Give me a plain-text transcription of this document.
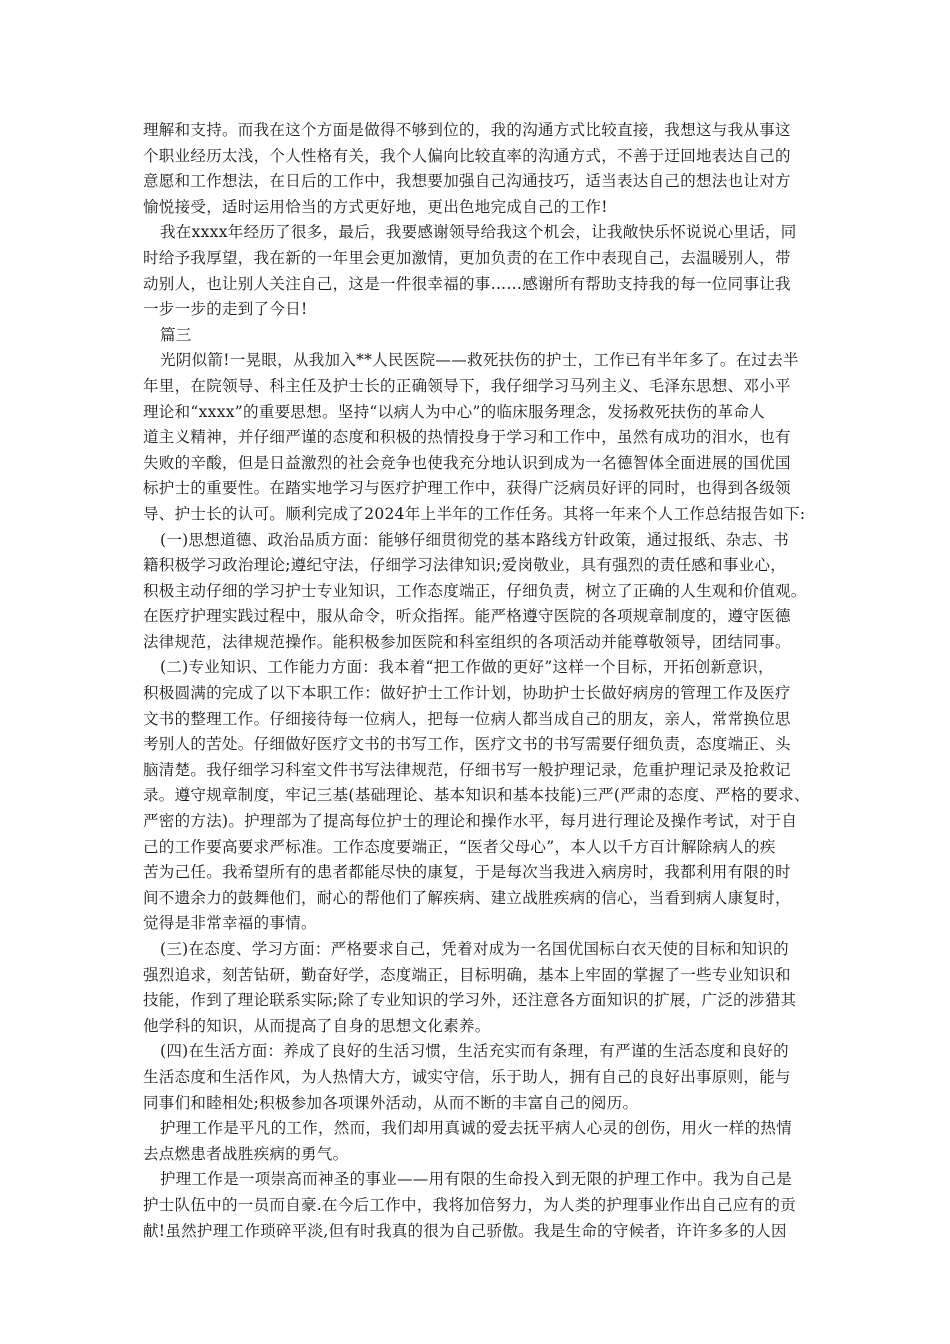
理解和支持。而我在这个方面是做得不够到位的，我的沟通方式比较直接，我想这与我从事这
个职业经历太浅，个人性格有关，我个人偏向比较直率的沟通方式，不善于迂回地表达自己的
意愿和工作想法，在日后的工作中，我想要加强自己沟通技巧，适当表达自己的想法也让对方
愉悦接受，适时运用恰当的方式更好地，更出色地完成自己的工作!
我在xxxx年经历了很多，最后，我要感谢领导给我这个机会，让我敞快乐怀说说心里话，同
时给予我厚望，我在新的一年里会更加激情，更加负责的在工作中表现自己，去温暖别人，带
动别人，也让别人关注自己，这是一件很幸福的事……感谢所有帮助支持我的每一位同事让我
一步一步的走到了今日!
篇三
光阴似箭!一晃眼，从我加入**人民医院——救死扶伤的护士，工作已有半年多了。在过去半
年里，在院领导、科主任及护士长的正确领导下，我仔细学习马列主义、毛泽东思想、邓小平
理论和“xxxx”的重要思想。坚持“以病人为中心”的临床服务理念，发扬救死扶伤的革命人
道主义精神，并仔细严谨的态度和积极的热情投身于学习和工作中，虽然有成功的泪水，也有
失败的辛酸，但是日益激烈的社会竞争也使我充分地认识到成为一名德智体全面进展的国优国
标护士的重要性。在踏实地学习与医疗护理工作中，获得广泛病员好评的同时，也得到各级领
导、护士长的认可。顺利完成了2024年上半年的工作任务。其将一年来个人工作总结报告如下:
(一)思想道德、政治品质方面：能够仔细贯彻党的基本路线方针政策，通过报纸、杂志、书
籍积极学习政治理论;遵纪守法，仔细学习法律知识;爱岗敬业，具有强烈的责任感和事业心，
积极主动仔细的学习护士专业知识，工作态度端正，仔细负责，树立了正确的人生观和价值观。
在医疗护理实践过程中，服从命令，听众指挥。能严格遵守医院的各项规章制度的，遵守医德
法律规范，法律规范操作。能积极参加医院和科室组织的各项活动并能尊敬领导，团结同事。
(二)专业知识、工作能力方面：我本着“把工作做的更好”这样一个目标，开拓创新意识，
积极圆满的完成了以下本职工作：做好护士工作计划，协助护士长做好病房的管理工作及医疗
文书的整理工作。仔细接待每一位病人，把每一位病人都当成自己的朋友，亲人，常常换位思
考别人的苦处。仔细做好医疗文书的书写工作，医疗文书的书写需要仔细负责，态度端正、头
脑清楚。我仔细学习科室文件书写法律规范，仔细书写一般护理记录，危重护理记录及抢救记
录。遵守规章制度，牢记三基(基础理论、基本知识和基本技能)三严(严肃的态度、严格的要求、
严密的方法)。护理部为了提高每位护士的理论和操作水平，每月进行理论及操作考试，对于自
己的工作要高要求严标准。工作态度要端正，“医者父母心”，本人以千方百计解除病人的疾
苦为己任。我希望所有的患者都能尽快的康复，于是每次当我进入病房时，我都利用有限的时
间不遗余力的鼓舞他们，耐心的帮他们了解疾病、建立战胜疾病的信心，当看到病人康复时，
觉得是非常幸福的事情。
(三)在态度、学习方面：严格要求自己，凭着对成为一名国优国标白衣天使的目标和知识的
强烈追求，刻苦钻研，勤奋好学，态度端正，目标明确，基本上牢固的掌握了一些专业知识和
技能，作到了理论联系实际;除了专业知识的学习外，还注意各方面知识的扩展，广泛的涉猎其
他学科的知识，从而提高了自身的思想文化素养。
(四)在生活方面：养成了良好的生活习惯，生活充实而有条理，有严谨的生活态度和良好的
生活态度和生活作风，为人热情大方，诚实守信，乐于助人，拥有自己的良好出事原则，能与
同事们和睦相处;积极参加各项课外活动，从而不断的丰富自己的阅历。
护理工作是平凡的工作，然而，我们却用真诚的爱去抚平病人心灵的创伤，用火一样的热情
去点燃患者战胜疾病的勇气。
护理工作是一项崇高而神圣的事业——用有限的生命投入到无限的护理工作中。我为自己是
护士队伍中的一员而自豪.在今后工作中，我将加倍努力，为人类的护理事业作出自己应有的贡
献!虽然护理工作琐碎平淡,但有时我真的很为自己骄傲。我是生命的守候者，许许多多的人因
